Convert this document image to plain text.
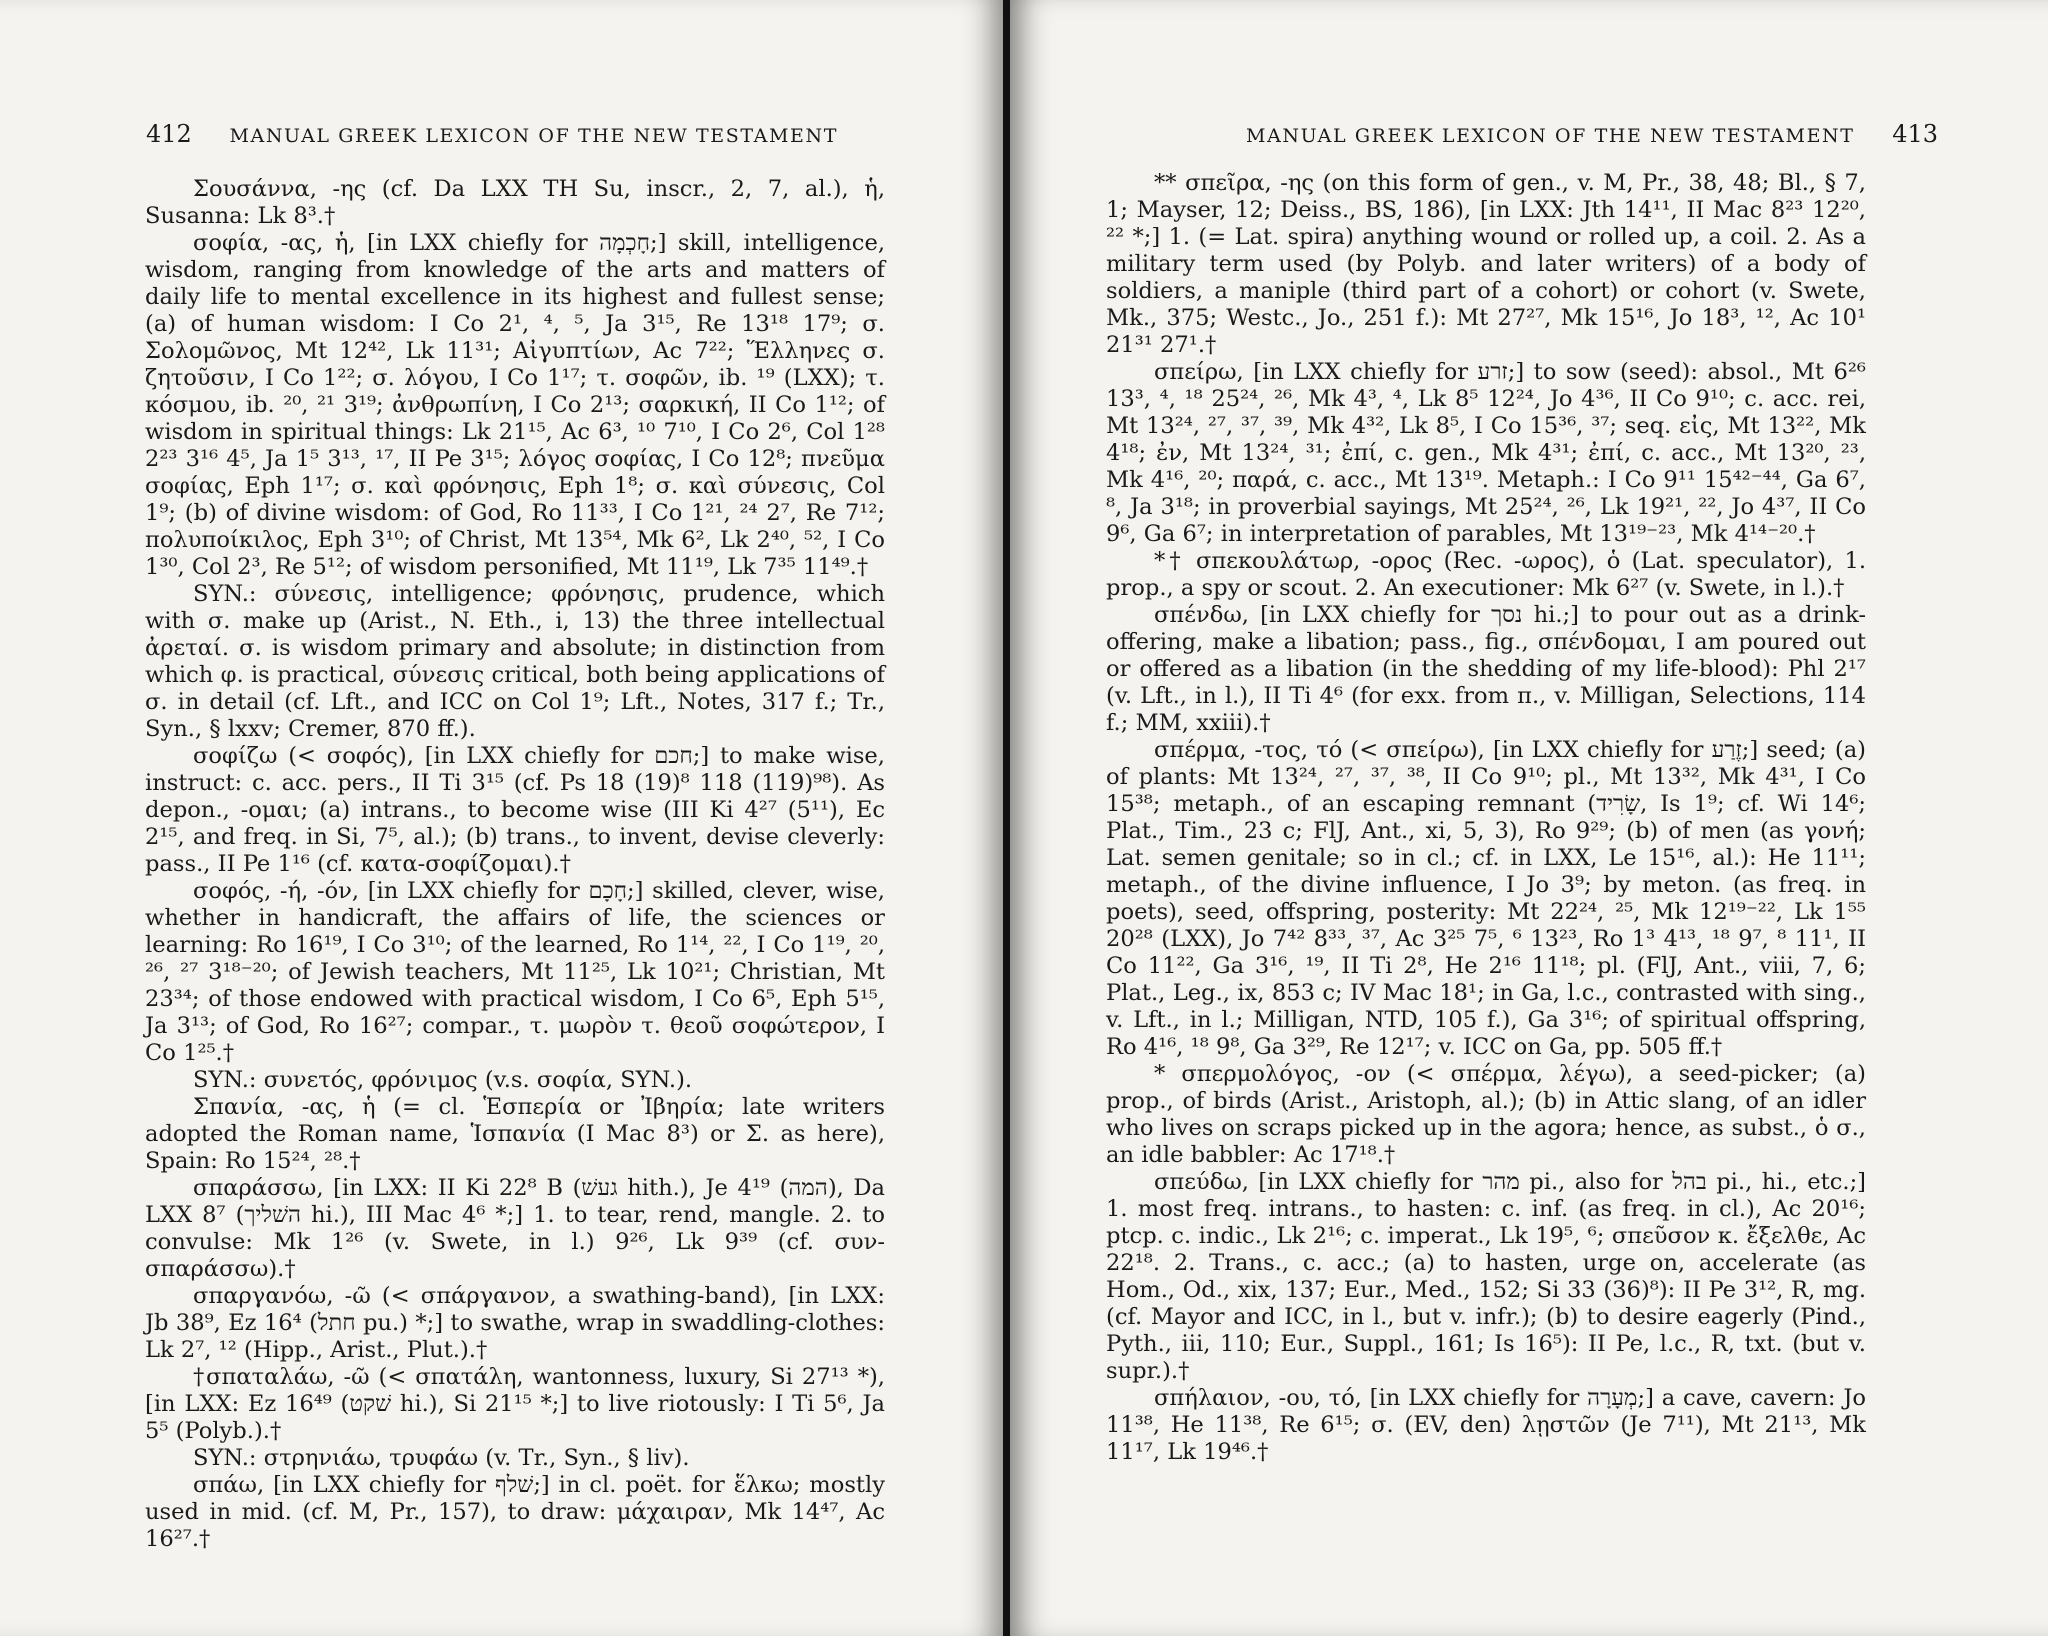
412 MANUAL GREEK LEXICON OF THE NEW TESTAMENT

Σουσάννα, -ης (cf. Da LXX TH Su, inscr., 2, 7, al.), ἡ, Susanna: Lk 8³.†

σοφία, -ας, ἡ, [in LXX chiefly for חָכְמָה;] skill, intelligence, wisdom, ranging from knowledge of the arts and matters of daily life to mental excellence in its highest and fullest sense; (a) of human wisdom: I Co 2¹, ⁴, ⁵, Ja 3¹⁵, Re 13¹⁸ 17⁹; σ. Σολομῶνος, Mt 12⁴², Lk 11³¹; Αἰγυπτίων, Ac 7²²; Ἕλληνες σ. ζητοῦσιν, I Co 1²²; σ. λόγου, I Co 1¹⁷; τ. σοφῶν, ib. ¹⁹ (LXX); τ. κόσμου, ib. ²⁰, ²¹ 3¹⁹; ἀνθρωπίνη, I Co 2¹³; σαρκική, II Co 1¹²; of wisdom in spiritual things: Lk 21¹⁵, Ac 6³, ¹⁰ 7¹⁰, I Co 2⁶, Col 1²⁸ 2²³ 3¹⁶ 4⁵, Ja 1⁵ 3¹³, ¹⁷, II Pe 3¹⁵; λόγος σοφίας, I Co 12⁸; πνεῦμα σοφίας, Eph 1¹⁷; σ. καὶ φρόνησις, Eph 1⁸; σ. καὶ σύνεσις, Col 1⁹; (b) of divine wisdom: of God, Ro 11³³, I Co 1²¹, ²⁴ 2⁷, Re 7¹²; πολυποίκιλος, Eph 3¹⁰; of Christ, Mt 13⁵⁴, Mk 6², Lk 2⁴⁰, ⁵², I Co 1³⁰, Col 2³, Re 5¹²; of wisdom personified, Mt 11¹⁹, Lk 7³⁵ 11⁴⁹.†

SYN.: σύνεσις, intelligence; φρόνησις, prudence, which with σ. make up (Arist., N. Eth., i, 13) the three intellectual ἀρεταί. σ. is wisdom primary and absolute; in distinction from which φ. is practical, σύνεσις critical, both being applications of σ. in detail (cf. Lft., and ICC on Col 1⁹; Lft., Notes, 317 f.; Tr., Syn., § lxxv; Cremer, 870 ff.).

σοφίζω (< σοφός), [in LXX chiefly for חכם;] to make wise, instruct: c. acc. pers., II Ti 3¹⁵ (cf. Ps 18 (19)⁸ 118 (119)⁹⁸). As depon., -ομαι; (a) intrans., to become wise (III Ki 4²⁷ (5¹¹), Ec 2¹⁵, and freq. in Si, 7⁵, al.); (b) trans., to invent, devise cleverly: pass., II Pe 1¹⁶ (cf. κατα-σοφίζομαι).†

σοφός, -ή, -όν, [in LXX chiefly for חָכָם;] skilled, clever, wise, whether in handicraft, the affairs of life, the sciences or learning: Ro 16¹⁹, I Co 3¹⁰; of the learned, Ro 1¹⁴, ²², I Co 1¹⁹, ²⁰, ²⁶, ²⁷ 3¹⁸⁻²⁰; of Jewish teachers, Mt 11²⁵, Lk 10²¹; Christian, Mt 23³⁴; of those endowed with practical wisdom, I Co 6⁵, Eph 5¹⁵, Ja 3¹³; of God, Ro 16²⁷; compar., τ. μωρὸν τ. θεοῦ σοφώτερον, I Co 1²⁵.†

SYN.: συνετός, φρόνιμος (v.s. σοφία, SYN.).

Σπανία, -ας, ἡ (= cl. Ἑσπερία or Ἰβηρία; late writers adopted the Roman name, Ἱσπανία (I Mac 8³) or Σ. as here), Spain: Ro 15²⁴, ²⁸.†

σπαράσσω, [in LXX: II Ki 22⁸ B (געשׁ hith.), Je 4¹⁹ (המה), Da LXX 8⁷ (השׁליך hi.), III Mac 4⁶ *;] 1. to tear, rend, mangle. 2. to convulse: Mk 1²⁶ (v. Swete, in l.) 9²⁶, Lk 9³⁹ (cf. συν-σπαράσσω).†

σπαργανόω, -ῶ (< σπάργανον, a swathing-band), [in LXX: Jb 38⁹, Ez 16⁴ (חתל pu.) *;] to swathe, wrap in swaddling-clothes: Lk 2⁷, ¹² (Hipp., Arist., Plut.).†

†σπαταλάω, -ῶ (< σπατάλη, wantonness, luxury, Si 27¹³ *), [in LXX: Ez 16⁴⁹ (שׁקט hi.), Si 21¹⁵ *;] to live riotously: I Ti 5⁶, Ja 5⁵ (Polyb.).†

SYN.: στρηνιάω, τρυφάω (v. Tr., Syn., § liv).

σπάω, [in LXX chiefly for שׁלף;] in cl. poët. for ἕλκω; mostly used in mid. (cf. M, Pr., 157), to draw: μάχαιραν, Mk 14⁴⁷, Ac 16²⁷.†

MANUAL GREEK LEXICON OF THE NEW TESTAMENT 413

** σπεῖρα, -ης (on this form of gen., v. M, Pr., 38, 48; Bl., § 7, 1; Mayser, 12; Deiss., BS, 186), [in LXX: Jth 14¹¹, II Mac 8²³ 12²⁰, ²² *;] 1. (= Lat. spira) anything wound or rolled up, a coil. 2. As a military term used (by Polyb. and later writers) of a body of soldiers, a maniple (third part of a cohort) or cohort (v. Swete, Mk., 375; Westc., Jo., 251 f.): Mt 27²⁷, Mk 15¹⁶, Jo 18³, ¹², Ac 10¹ 21³¹ 27¹.†

σπείρω, [in LXX chiefly for זרע;] to sow (seed): absol., Mt 6²⁶ 13³, ⁴, ¹⁸ 25²⁴, ²⁶, Mk 4³, ⁴, Lk 8⁵ 12²⁴, Jo 4³⁶, II Co 9¹⁰; c. acc. rei, Mt 13²⁴, ²⁷, ³⁷, ³⁹, Mk 4³², Lk 8⁵, I Co 15³⁶, ³⁷; seq. εἰς, Mt 13²², Mk 4¹⁸; ἐν, Mt 13²⁴, ³¹; ἐπί, c. gen., Mk 4³¹; ἐπί, c. acc., Mt 13²⁰, ²³, Mk 4¹⁶, ²⁰; παρά, c. acc., Mt 13¹⁹. Metaph.: I Co 9¹¹ 15⁴²⁻⁴⁴, Ga 6⁷, ⁸, Ja 3¹⁸; in proverbial sayings, Mt 25²⁴, ²⁶, Lk 19²¹, ²², Jo 4³⁷, II Co 9⁶, Ga 6⁷; in interpretation of parables, Mt 13¹⁹⁻²³, Mk 4¹⁴⁻²⁰.†

*† σπεκουλάτωρ, -ορος (Rec. -ωρος), ὁ (Lat. speculator), 1. prop., a spy or scout. 2. An executioner: Mk 6²⁷ (v. Swete, in l.).†

σπένδω, [in LXX chiefly for נסך hi.;] to pour out as a drink-offering, make a libation; pass., fig., σπένδομαι, I am poured out or offered as a libation (in the shedding of my life-blood): Phl 2¹⁷ (v. Lft., in l.), II Ti 4⁶ (for exx. from π., v. Milligan, Selections, 114 f.; MM, xxiii).†

σπέρμα, -τος, τό (< σπείρω), [in LXX chiefly for זֶרַע;] seed; (a) of plants: Mt 13²⁴, ²⁷, ³⁷, ³⁸, II Co 9¹⁰; pl., Mt 13³², Mk 4³¹, I Co 15³⁸; metaph., of an escaping remnant (שָׂרִיד, Is 1⁹; cf. Wi 14⁶; Plat., Tim., 23 c; FlJ, Ant., xi, 5, 3), Ro 9²⁹; (b) of men (as γονή; Lat. semen genitale; so in cl.; cf. in LXX, Le 15¹⁶, al.): He 11¹¹; metaph., of the divine influence, I Jo 3⁹; by meton. (as freq. in poets), seed, offspring, posterity: Mt 22²⁴, ²⁵, Mk 12¹⁹⁻²², Lk 1⁵⁵ 20²⁸ (LXX), Jo 7⁴² 8³³, ³⁷, Ac 3²⁵ 7⁵, ⁶ 13²³, Ro 1³ 4¹³, ¹⁸ 9⁷, ⁸ 11¹, II Co 11²², Ga 3¹⁶, ¹⁹, II Ti 2⁸, He 2¹⁶ 11¹⁸; pl. (FlJ, Ant., viii, 7, 6; Plat., Leg., ix, 853 c; IV Mac 18¹; in Ga, l.c., contrasted with sing., v. Lft., in l.; Milligan, NTD, 105 f.), Ga 3¹⁶; of spiritual offspring, Ro 4¹⁶, ¹⁸ 9⁸, Ga 3²⁹, Re 12¹⁷; v. ICC on Ga, pp. 505 ff.†

* σπερμολόγος, -ον (< σπέρμα, λέγω), a seed-picker; (a) prop., of birds (Arist., Aristoph, al.); (b) in Attic slang, of an idler who lives on scraps picked up in the agora; hence, as subst., ὁ σ., an idle babbler: Ac 17¹⁸.†

σπεύδω, [in LXX chiefly for מהר pi., also for בהל pi., hi., etc.;] 1. most freq. intrans., to hasten: c. inf. (as freq. in cl.), Ac 20¹⁶; ptcp. c. indic., Lk 2¹⁶; c. imperat., Lk 19⁵, ⁶; σπεῦσον κ. ἔξελθε, Ac 22¹⁸. 2. Trans., c. acc.; (a) to hasten, urge on, accelerate (as Hom., Od., xix, 137; Eur., Med., 152; Si 33 (36)⁸): II Pe 3¹², R, mg. (cf. Mayor and ICC, in l., but v. infr.); (b) to desire eagerly (Pind., Pyth., iii, 110; Eur., Suppl., 161; Is 16⁵): II Pe, l.c., R, txt. (but v. supr.).†

σπήλαιον, -ου, τό, [in LXX chiefly for מְעָרָה;] a cave, cavern: Jo 11³⁸, He 11³⁸, Re 6¹⁵; σ. (EV, den) λῃστῶν (Je 7¹¹), Mt 21¹³, Mk 11¹⁷, Lk 19⁴⁶.†
